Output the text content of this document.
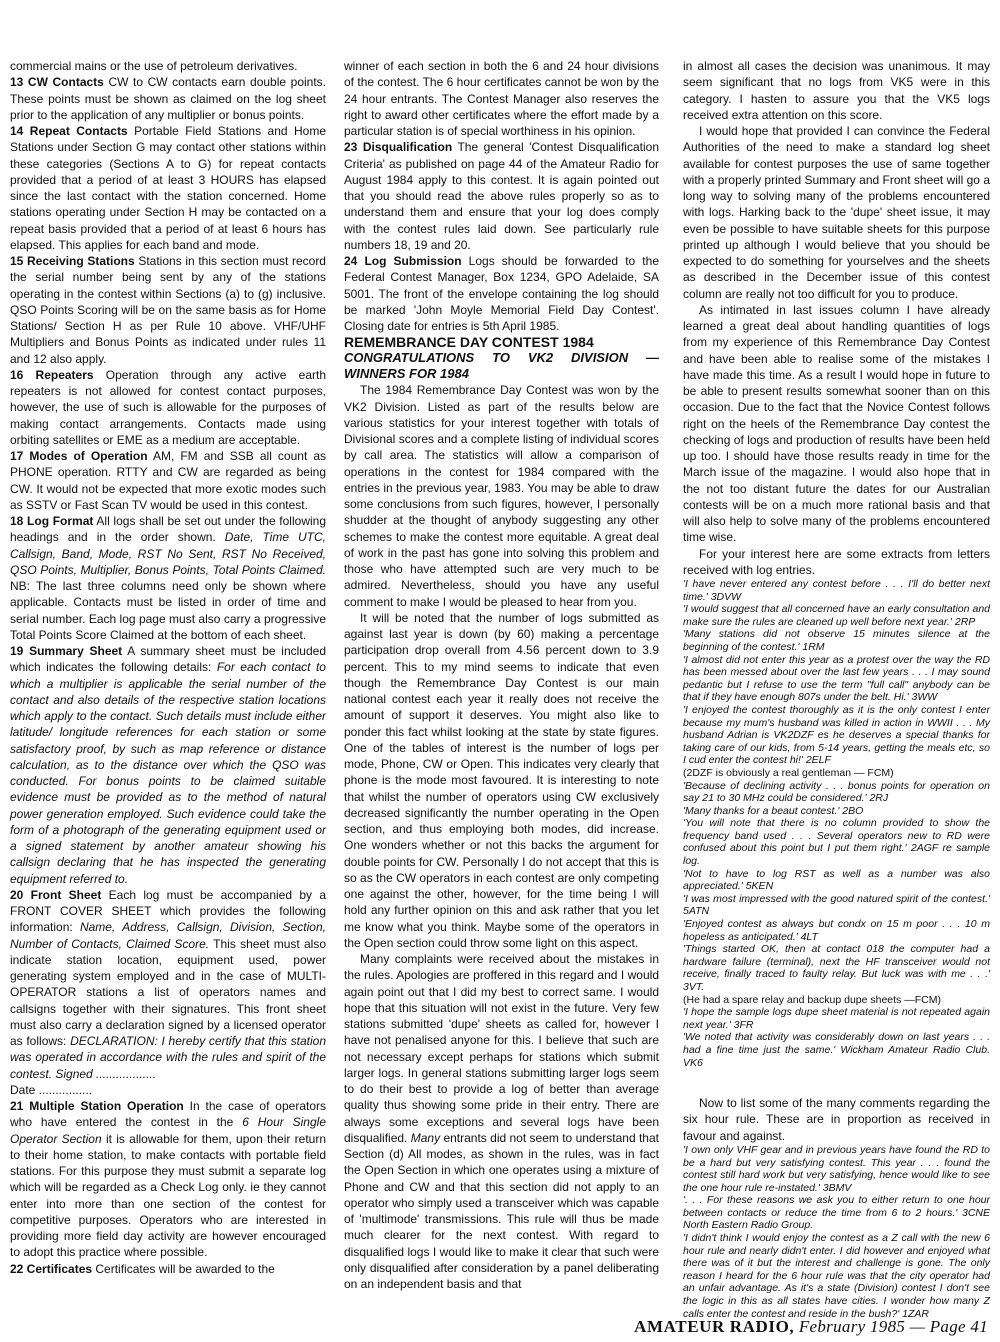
commercial mains or the use of petroleum derivatives.

13 CW Contacts CW to CW contacts earn double points. These points must be shown as claimed on the log sheet prior to the application of any multiplier or bonus points.

14 Repeat Contacts Portable Field Stations and Home Stations under Section G may contact other stations within these categories (Sections A to G) for repeat contacts provided that a period of at least 3 HOURS has elapsed since the last contact with the station concerned. Home stations operating under Section H may be contacted on a repeat basis provided that a period of at least 6 hours has elapsed. This applies for each band and mode.

15 Receiving Stations Stations in this section must record the serial number being sent by any of the stations operating in the contest within Sections (a) to (g) inclusive. QSO Points Scoring will be on the same basis as for Home Stations/ Section H as per Rule 10 above. VHF/UHF Multipliers and Bonus Points as indicated under rules 11 and 12 also apply.

16 Repeaters Operation through any active earth repeaters is not allowed for contest contact purposes, however, the use of such is allowable for the purposes of making contact arrangements. Contacts made using orbiting satellites or EME as a medium are acceptable.

17 Modes of Operation AM, FM and SSB all count as PHONE operation. RTTY and CW are regarded as being CW. It would not be expected that more exotic modes such as SSTV or Fast Scan TV would be used in this contest.

18 Log Format All logs shall be set out under the following headings and in the order shown. Date, Time UTC, Callsign, Band, Mode, RST No Sent, RST No Received, QSO Points, Multiplier, Bonus Points, Total Points Claimed. NB: The last three columns need only be shown where applicable. Contacts must be listed in order of time and serial number. Each log page must also carry a progressive Total Points Score Claimed at the bottom of each sheet.

19 Summary Sheet A summary sheet must be included which indicates the following details: For each contact to which a multiplier is applicable the serial number of the contact and also details of the respective station locations which apply to the contact. Such details must include either latitude/ longitude references for each station or some satisfactory proof, by such as map reference or distance calculation, as to the distance over which the QSO was conducted. For bonus points to be claimed suitable evidence must be provided as to the method of natural power generation employed. Such evidence could take the form of a photograph of the generating equipment used or a signed statement by another amateur showing his callsign declaring that he has inspected the generating equipment referred to.

20 Front Sheet Each log must be accompanied by a FRONT COVER SHEET which provides the following information: Name, Address, Callsign, Division, Section, Number of Contacts, Claimed Score. This sheet must also indicate station location, equipment used, power generating system employed and in the case of MULTI-OPERATOR stations a list of operators names and callsigns together with their signatures. This front sheet must also carry a declaration signed by a licensed operator as follows: DECLARATION: I hereby certify that this station was operated in accordance with the rules and spirit of the contest. Signed ..................

Date ................

21 Multiple Station Operation In the case of operators who have entered the contest in the 6 Hour Single Operator Section it is allowable for them, upon their return to their home station, to make contacts with portable field stations. For this purpose they must submit a separate log which will be regarded as a Check Log only. ie they cannot enter into more than one section of the contest for competitive purposes. Operators who are interested in providing more field day activity are however encouraged to adopt this practice where possible.

22 Certificates Certificates will be awarded to the

winner of each section in both the 6 and 24 hour divisions of the contest. The 6 hour certificates cannot be won by the 24 hour entrants. The Contest Manager also reserves the right to award other certificates where the effort made by a particular station is of special worthiness in his opinion.

23 Disqualification The general 'Contest Disqualification Criteria' as published on page 44 of the Amateur Radio for August 1984 apply to this contest. It is again pointed out that you should read the above rules properly so as to understand them and ensure that your log does comply with the contest rules laid down. See particularly rule numbers 18, 19 and 20.

24 Log Submission Logs should be forwarded to the Federal Contest Manager, Box 1234, GPO Adelaide, SA 5001. The front of the envelope containing the log should be marked 'John Moyle Memorial Field Day Contest'. Closing date for entries is 5th April 1985.

REMEMBRANCE DAY CONTEST 1984

CONGRATULATIONS TO VK2 DIVISION — WINNERS FOR 1984

The 1984 Remembrance Day Contest was won by the VK2 Division. Listed as part of the results below are various statistics for your interest together with totals of Divisional scores and a complete listing of individual scores by call area. The statistics will allow a comparison of operations in the contest for 1984 compared with the entries in the previous year, 1983. You may be able to draw some conclusions from such figures, however, I personally shudder at the thought of anybody suggesting any other schemes to make the contest more equitable. A great deal of work in the past has gone into solving this problem and those who have attempted such are very much to be admired. Nevertheless, should you have any useful comment to make I would be pleased to hear from you.

It will be noted that the number of logs submitted as against last year is down (by 60) making a percentage participation drop overall from 4.56 percent down to 3.9 percent. This to my mind seems to indicate that even though the Remembrance Day Contest is our main national contest each year it really does not receive the amount of support it deserves. You might also like to ponder this fact whilst looking at the state by state figures. One of the tables of interest is the number of logs per mode, Phone, CW or Open. This indicates very clearly that phone is the mode most favoured. It is interesting to note that whilst the number of operators using CW exclusively decreased significantly the number operating in the Open section, and thus employing both modes, did increase. One wonders whether or not this backs the argument for double points for CW. Personally I do not accept that this is so as the CW operators in each contest are only competing one against the other, however, for the time being I will hold any further opinion on this and ask rather that you let me know what you think. Maybe some of the operators in the Open section could throw some light on this aspect.

Many complaints were received about the mistakes in the rules. Apologies are proffered in this regard and I would again point out that I did my best to correct same. I would hope that this situation will not exist in the future. Very few stations submitted 'dupe' sheets as called for, however I have not penalised anyone for this. I believe that such are not necessary except perhaps for stations which submit larger logs. In general stations submitting larger logs seem to do their best to provide a log of better than average quality thus showing some pride in their entry. There are always some exceptions and several logs have been disqualified. Many entrants did not seem to understand that Section (d) All modes, as shown in the rules, was in fact the Open Section in which one operates using a mixture of Phone and CW and that this section did not apply to an operator who simply used a transceiver which was capable of 'multimode' transmissions. This rule will thus be made much clearer for the next contest. With regard to disqualified logs I would like to make it clear that such were only disqualified after consideration by a panel deliberating on an independent basis and that

in almost all cases the decision was unanimous. It may seem significant that no logs from VK5 were in this category. I hasten to assure you that the VK5 logs received extra attention on this score.

I would hope that provided I can convince the Federal Authorities of the need to make a standard log sheet available for contest purposes the use of same together with a properly printed Summary and Front sheet will go a long way to solving many of the problems encountered with logs. Harking back to the 'dupe' sheet issue, it may even be possible to have suitable sheets for this purpose printed up although I would believe that you should be expected to do something for yourselves and the sheets as described in the December issue of this contest column are really not too difficult for you to produce.

As intimated in last issues column I have already learned a great deal about handling quantities of logs from my experience of this Remembrance Day Contest and have been able to realise some of the mistakes I have made this time. As a result I would hope in future to be able to present results somewhat sooner than on this occasion. Due to the fact that the Novice Contest follows right on the heels of the Remembrance Day contest the checking of logs and production of results have been held up too. I should have those results ready in time for the March issue of the magazine. I would also hope that in the not too distant future the dates for our Australian contests will be on a much more rational basis and that will also help to solve many of the problems encountered time wise.

For your interest here are some extracts from letters received with log entries.

'I have never entered any contest before . . . I'll do better next time.' 3DVW

'I would suggest that all concerned have an early consultation and make sure the rules are cleaned up well before next year.' 2RP

'Many stations did not observe 15 minutes silence at the beginning of the contest.' 1RM

'I almost did not enter this year as a protest over the way the RD has been messed about over the last few years . . . I may sound pedantic but I refuse to use the term "full call" anybody can be that if they have enough 807s under the belt. Hi.' 3WW

'I enjoyed the contest thoroughly as it is the only contest I enter because my mum's husband was killed in action in WWII . . . My husband Adrian is VK2DZF es he deserves a special thanks for taking care of our kids, from 5-14 years, getting the meals etc, so I cud enter the contest hi!' 2ELF

(2DZF is obviously a real gentleman — FCM)

'Because of declining activity . . . bonus points for operation on say 21 to 30 MHz could be considered.' 2RJ

'Many thanks for a beaut contest.' 2BO

'You will note that there is no column provided to show the frequency band used . . . Several operators new to RD were confused about this point but I put them right.' 2AGF re sample log.

'Not to have to log RST as well as a number was also appreciated.' 5KEN

'I was most impressed with the good natured spirit of the contest.' 5ATN

'Enjoyed contest as always but condx on 15 m poor . . . 10 m hopeless as anticipated.' 4LT

'Things started OK, then at contact 018 the computer had a hardware failure (terminal), next the HF transceiver would not receive, finally traced to faulty relay. But luck was with me . . .' 3VT.

(He had a spare relay and backup dupe sheets —FCM)

'I hope the sample logs dupe sheet material is not repeated again next year.' 3FR

'We noted that activity was considerably down on last years . . . had a fine time just the same.' Wickham Amateur Radio Club. VK6

Now to list some of the many comments regarding the six hour rule. These are in proportion as received in favour and against.

'I own only VHF gear and in previous years have found the RD to be a hard but very satisfying contest. This year . . . found the contest still hard work but very satisfying, hence would like to see the one hour rule re-instated.' 3BMV

'. . . For these reasons we ask you to either return to one hour between contacts or reduce the time from 6 to 2 hours.' 3CNE North Eastern Radio Group.

'I didn't think I would enjoy the contest as a Z call with the new 6 hour rule and nearly didn't enter. I did however and enjoyed what there was of it but the interest and challenge is gone. The only reason I heard for the 6 hour rule was that the city operator had an unfair advantage. As it's a state (Division) contest I don't see the logic in this as all states have cities. I wonder how many Z calls enter the contest and reside in the bush?' 1ZAR

AMATEUR RADIO, February 1985 — Page 41
